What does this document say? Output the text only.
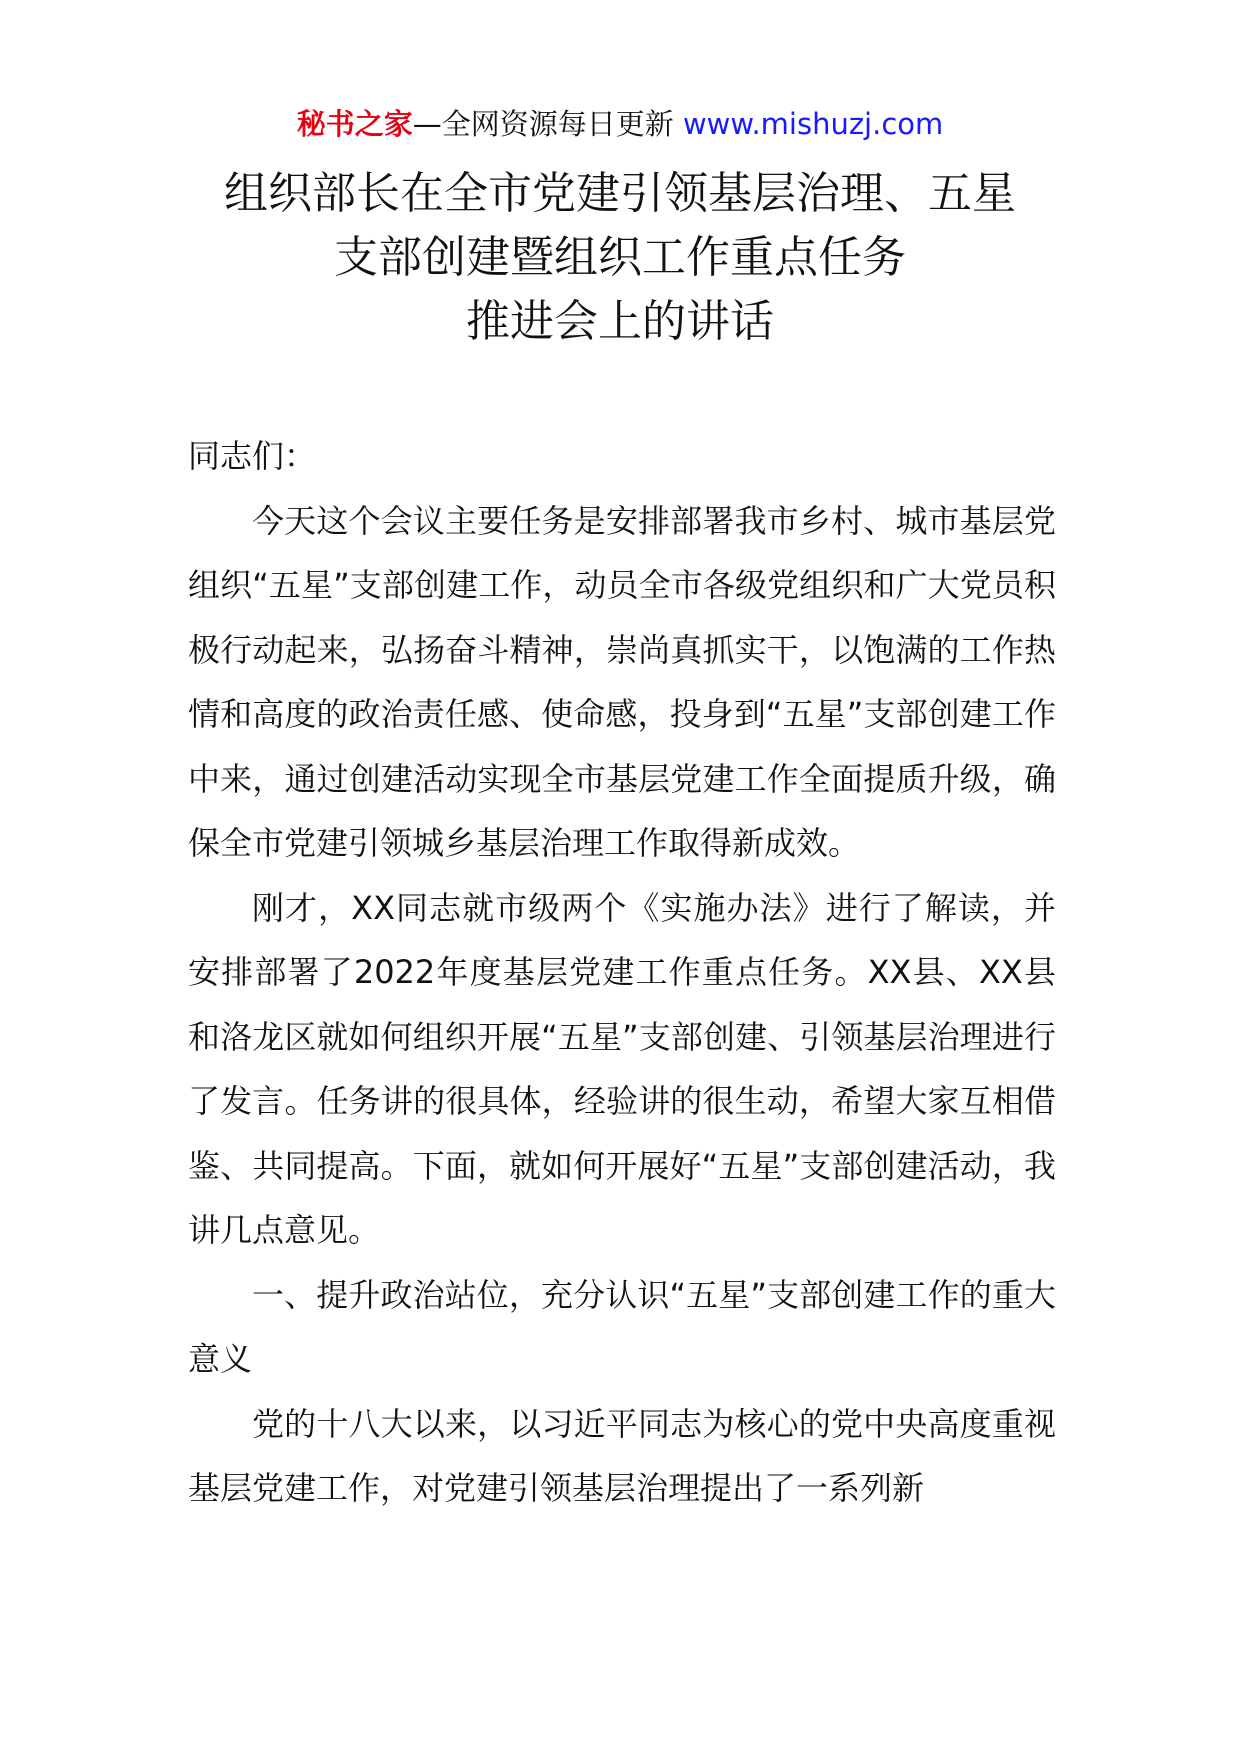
秘书之家—全网资源每日更新 www.mishuzj.com
组织部长在全市党建引领基层治理、五星
支部创建暨组织工作重点任务
推进会上的讲话

同志们：

今天这个会议主要任务是安排部署我市乡村、城市基层党组织“五星”支部创建工作，动员全市各级党组织和广大党员积极行动起来，弘扬奋斗精神，崇尚真抓实干，以饱满的工作热情和高度的政治责任感、使命感，投身到“五星”支部创建工作中来，通过创建活动实现全市基层党建工作全面提质升级，确保全市党建引领城乡基层治理工作取得新成效。

刚才，XX同志就市级两个《实施办法》进行了解读，并安排部署了2022年度基层党建工作重点任务。XX县、XX县和洛龙区就如何组织开展“五星”支部创建、引领基层治理进行了发言。任务讲的很具体，经验讲的很生动，希望大家互相借鉴、共同提高。下面，就如何开展好“五星”支部创建活动，我讲几点意见。

一、提升政治站位，充分认识“五星”支部创建工作的重大意义

党的十八大以来，以习近平同志为核心的党中央高度重视基层党建工作，对党建引领基层治理提出了一系列新
